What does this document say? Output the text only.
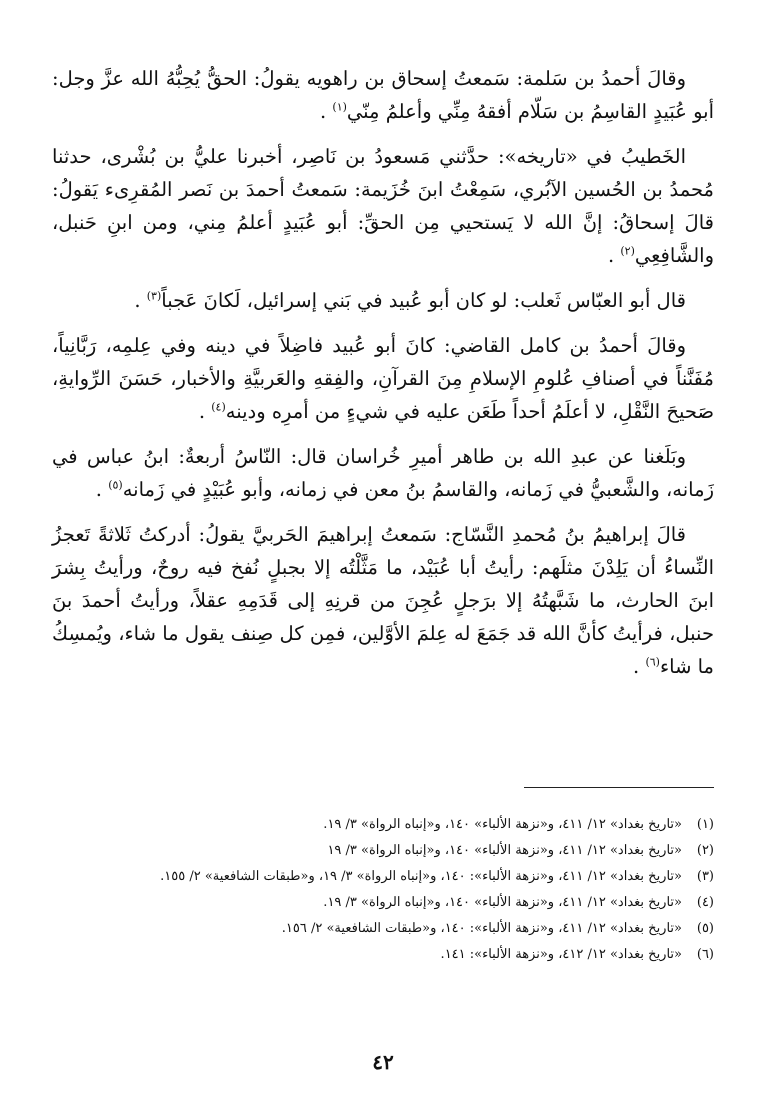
وقالَ أحمدُ بن سَلمة: سَمعتُ إسحاق بن راهويه يقولُ: الحقُّ يُحِبُّهُ الله عزَّ وجل: أبو عُبَيدٍ القاسِمُ بن سَلّام أفقهُ مِنِّي وأعلمُ مِنّي$^{(١)}$ .

الخَطيبُ في «تاريخه»: حدَّثني مَسعودُ بن نَاصِر، أخبرنا عليُّ بن بُشْرى، حدثنا مُحمدُ بن الحُسين الآبُري، سَمِعْتُ ابنَ خُزَيمة: سَمعتُ أحمدَ بن نَصر المُقرِىء يَقولُ: قالَ إسحاقُ: إنَّ الله لا يَستحيي مِن الحقِّ: أبو عُبَيدٍ أعلمُ مِني، ومن ابنِ حَنبل، والشَّافِعِي$^{(٢)}$ .

قال أبو العبّاس ثَعلب: لو كان أبو عُبيد في بَني إسرائيل، لَكانَ عَجباً$^{(٣)}$ .

وقالَ أحمدُ بن كامل القاضي: كانَ أبو عُبيد فاضِلاً في دينه وفي عِلمِه، رَبَّانِياً، مُفَنَّناً في أصنافِ عُلومِ الإسلامِ مِنَ القرآنِ، والفِقهِ والعَربيَّةِ والأخبار، حَسَنَ الرِّوايةِ، صَحيحَ النَّقْلِ، لا أعلَمُ أحداً طَعَن عليه في شيءٍ من أمرِه ودينه$^{(٤)}$ .

وبَلَغنا عن عبدِ الله بن طاهر أميرِ خُراسان قال: النّاسُ أربعةٌ: ابنُ عباس في زَمانه، والشَّعبيُّ في زَمانه، والقاسمُ بنُ معن في زمانه، وأبو عُبَيْدٍ في زَمانه$^{(٥)}$ .

قالَ إبراهيمُ بنُ مُحمدِ النَّسّاج: سَمعتُ إبراهيمَ الحَربيَّ يقولُ: أدركتُ ثَلاثةً تَعجزُ النِّساءُ أن يَلِدْنَ مثلَهم: رأيتُ أبا عُبَيْد، ما مَثَّلْتُه إلا بجبلٍ نُفخ فيه روحٌ، ورأيتُ بِشرَ ابنَ الحارث، ما شَبَّهتُهُ إلا برَجلٍ عُجِنَ من قرنِهِ إلى قَدَمِهِ عقلاً، ورأيتُ أحمدَ بنَ حنبل، فرأيتُ كأنَّ الله قد جَمَعَ له عِلمَ الأوَّلين، فمِن كل صِنف يقول ما شاء، ويُمسِكُ ما شاء$^{(٦)}$ .

(١)
«تاريخ بغداد» ١٢/ ٤١١، و«نزهة الألباء» ١٤٠، و«إنباه الرواة» ٣/ ١٩.
(٢)
«تاريخ بغداد» ١٢/ ٤١١، و«نزهة الألباء» ١٤٠، و«إنباه الرواة» ٣/ ١٩
(٣)
«تاريخ بغداد» ١٢/ ٤١١، و«نزهة الألباء»: ١٤٠، و«إنباه الرواة» ٣/ ١٩، و«طبقات الشافعية» ٢/ ١٥٥.
(٤)
«تاريخ بغداد» ١٢/ ٤١١، و«نزهة الألباء» ١٤٠، و«إنباه الرواة» ٣/ ١٩.
(٥)
«تاريخ بغداد» ١٢/ ٤١١، و«نزهة الألباء»: ١٤٠، و«طبقات الشافعية» ٢/ ١٥٦.
(٦)
«تاريخ بغداد» ١٢/ ٤١٢، و«نزهة الألباء»: ١٤١.
٤٢
